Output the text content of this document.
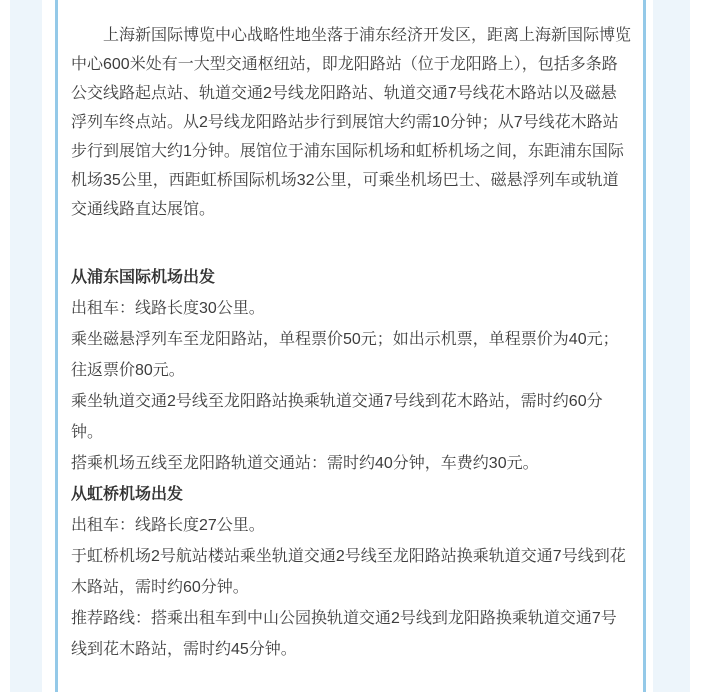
上海新国际博览中心战略性地坐落于浦东经济开发区，距离上海新国际博览中心600米处有一大型交通枢纽站，即龙阳路站（位于龙阳路上），包括多条路公交线路起点站、轨道交通2号线龙阳路站、轨道交通7号线花木路站以及磁悬浮列车终点站。从2号线龙阳路站步行到展馆大约需10分钟；从7号线花木路站步行到展馆大约1分钟。展馆位于浦东国际机场和虹桥机场之间，东距浦东国际机场35公里，西距虹桥国际机场32公里，可乘坐机场巴士、磁悬浮列车或轨道交通线路直达展馆。

从浦东国际机场出发

出租车：线路长度30公里。

乘坐磁悬浮列车至龙阳路站，单程票价50元；如出示机票，单程票价为40元；往返票价80元。

乘坐轨道交通2号线至龙阳路站换乘轨道交通7号线到花木路站，需时约60分钟。

搭乘机场五线至龙阳路轨道交通站：需时约40分钟，车费约30元。

从虹桥机场出发

出租车：线路长度27公里。

于虹桥机场2号航站楼站乘坐轨道交通2号线至龙阳路站换乘轨道交通7号线到花木路站，需时约60分钟。

推荐路线：搭乘出租车到中山公园换轨道交通2号线到龙阳路换乘轨道交通7号线到花木路站，需时约45分钟。
